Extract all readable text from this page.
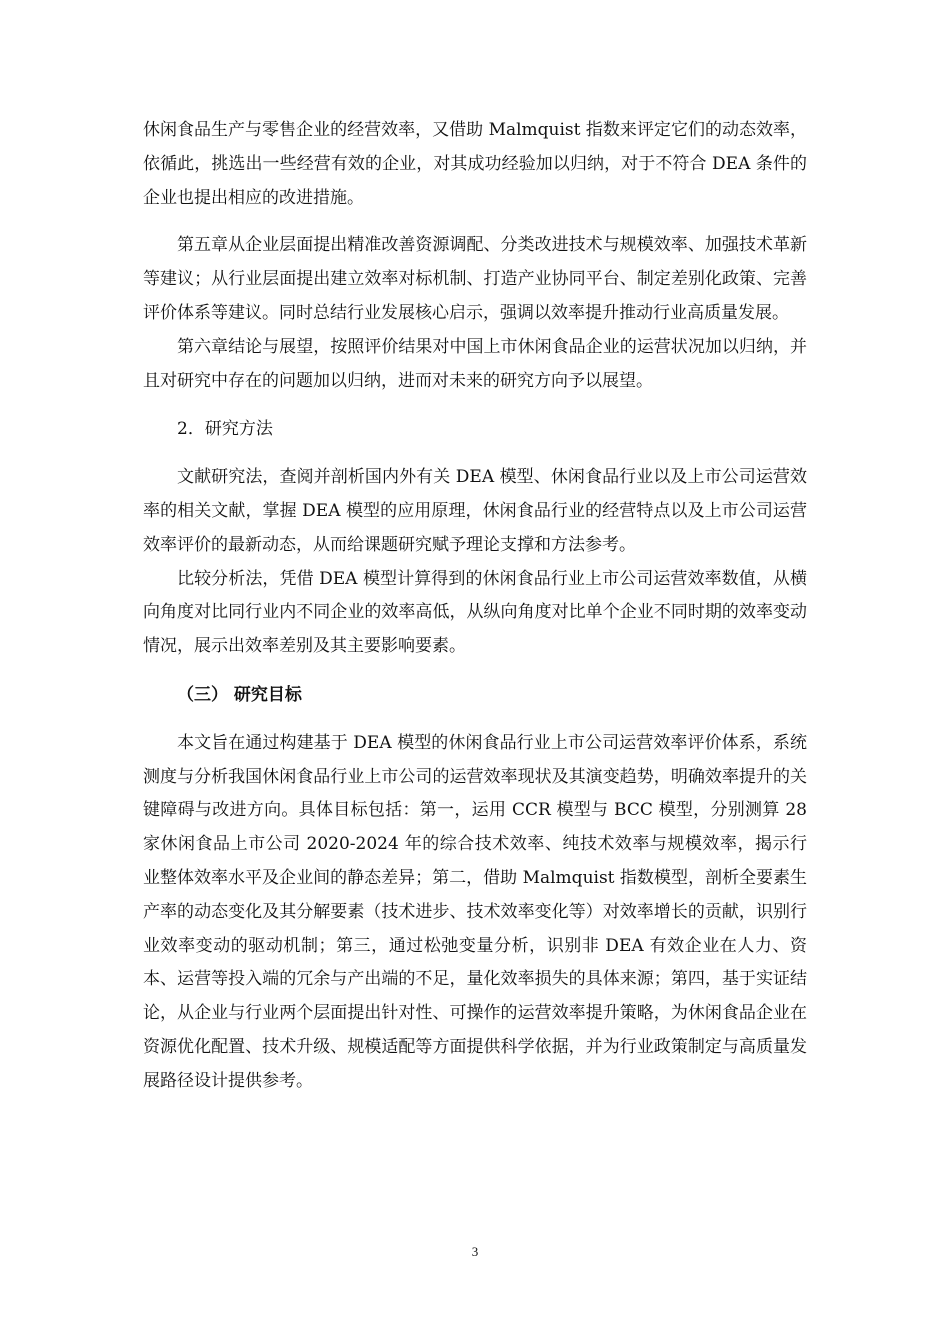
休闲食品生产与零售企业的经营效率，又借助 Malmquist 指数来评定它们的动态效率，依循此，挑选出一些经营有效的企业，对其成功经验加以归纳，对于不符合 DEA 条件的企业也提出相应的改进措施。

第五章从企业层面提出精准改善资源调配、分类改进技术与规模效率、加强技术革新等建议；从行业层面提出建立效率对标机制、打造产业协同平台、制定差别化政策、完善评价体系等建议。同时总结行业发展核心启示，强调以效率提升推动行业高质量发展。

第六章结论与展望，按照评价结果对中国上市休闲食品企业的运营状况加以归纳，并且对研究中存在的问题加以归纳，进而对未来的研究方向予以展望。

2．研究方法

文献研究法，查阅并剖析国内外有关 DEA 模型、休闲食品行业以及上市公司运营效率的相关文献，掌握 DEA 模型的应用原理，休闲食品行业的经营特点以及上市公司运营效率评价的最新动态，从而给课题研究赋予理论支撑和方法参考。

比较分析法，凭借 DEA 模型计算得到的休闲食品行业上市公司运营效率数值，从横向角度对比同行业内不同企业的效率高低，从纵向角度对比单个企业不同时期的效率变动情况，展示出效率差别及其主要影响要素。

（三） 研究目标

本文旨在通过构建基于 DEA 模型的休闲食品行业上市公司运营效率评价体系，系统测度与分析我国休闲食品行业上市公司的运营效率现状及其演变趋势，明确效率提升的关键障碍与改进方向。具体目标包括：第一，运用 CCR 模型与 BCC 模型，分别测算 28 家休闲食品上市公司 2020-2024 年的综合技术效率、纯技术效率与规模效率，揭示行业整体效率水平及企业间的静态差异；第二，借助 Malmquist 指数模型，剖析全要素生产率的动态变化及其分解要素（技术进步、技术效率变化等）对效率增长的贡献，识别行业效率变动的驱动机制；第三，通过松弛变量分析，识别非 DEA 有效企业在人力、资本、运营等投入端的冗余与产出端的不足，量化效率损失的具体来源；第四，基于实证结论，从企业与行业两个层面提出针对性、可操作的运营效率提升策略，为休闲食品企业在资源优化配置、技术升级、规模适配等方面提供科学依据，并为行业政策制定与高质量发展路径设计提供参考。

3
